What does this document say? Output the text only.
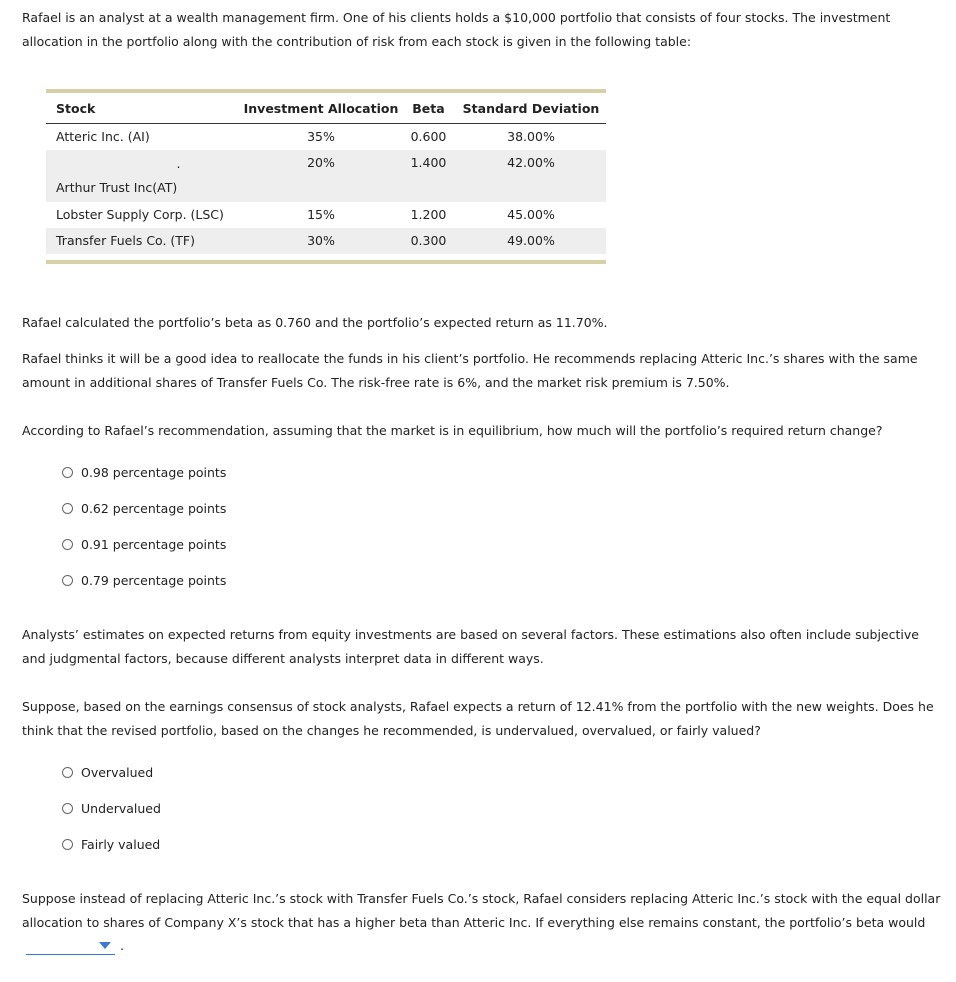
Rafael is an analyst at a wealth management firm. One of his clients holds a $10,000 portfolio that consists of four stocks. The investment allocation in the portfolio along with the contribution of risk from each stock is given in the following table:

Stock	Investment Allocation	Beta	Standard Deviation
Atteric Inc. (AI)	35%	0.600	38.00%

.
Arthur Trust Inc(AT)	20%	1.400	42.00%
Lobster Supply Corp. (LSC)	15%	1.200	45.00%
Transfer Fuels Co. (TF)	30%	0.300	49.00%

Rafael calculated the portfolio’s beta as 0.760 and the portfolio’s expected return as 11.70%.

Rafael thinks it will be a good idea to reallocate the funds in his client’s portfolio. He recommends replacing Atteric Inc.’s shares with the same amount in additional shares of Transfer Fuels Co. The risk-free rate is 6%, and the market risk premium is 7.50%.

According to Rafael’s recommendation, assuming that the market is in equilibrium, how much will the portfolio’s required return change?

0.98 percentage points
0.62 percentage points
0.91 percentage points
0.79 percentage points

Analysts’ estimates on expected returns from equity investments are based on several factors. These estimations also often include subjective and judgmental factors, because different analysts interpret data in different ways.

Suppose, based on the earnings consensus of stock analysts, Rafael expects a return of 12.41% from the portfolio with the new weights. Does he think that the revised portfolio, based on the changes he recommended, is undervalued, overvalued, or fairly valued?

Overvalued
Undervalued
Fairly valued

Suppose instead of replacing Atteric Inc.’s stock with Transfer Fuels Co.’s stock, Rafael considers replacing Atteric Inc.’s stock with the equal dollar allocation to shares of Company X’s stock that has a higher beta than Atteric Inc. If everything else remains constant, the portfolio’s beta would

.
